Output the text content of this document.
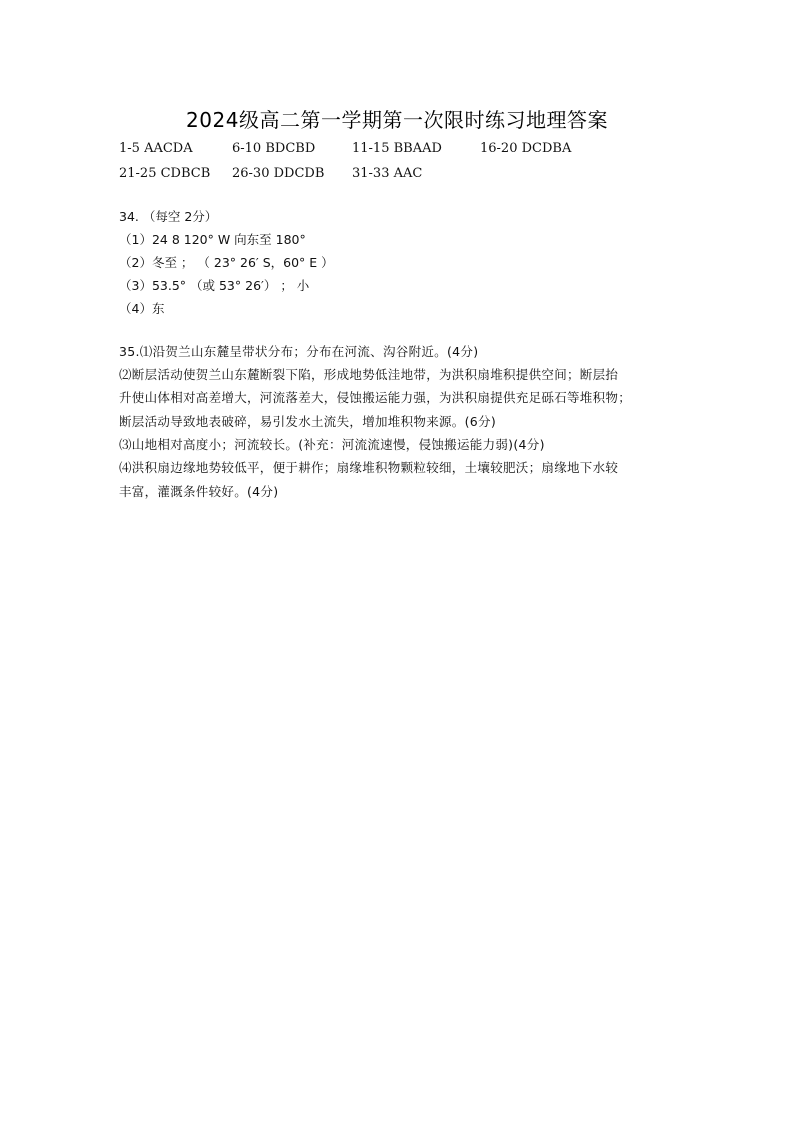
2024级高二第一学期第一次限时练习地理答案
1-5 AACDA	6-10 BDCBD	11-15 BBAAD	16-20 DCDBA
21-25 CDBCB 26-30 DDCDB 31-33 AAC
34. （每空 2分）
（1）24 8 120° W 向东至 180°
（2）冬至 ； （ 23° 26′ S，60° E ）
（3）53.5° （或 53° 26′） ； 小
（4）东
35.⑴沿贺兰山东麓呈带状分布；分布在河流、沟谷附近。(4分)
⑵断层活动使贺兰山东麓断裂下陷，形成地势低洼地带，为洪积扇堆积提供空间；断层抬
升使山体相对高差增大，河流落差大，侵蚀搬运能力强，为洪积扇提供充足砾石等堆积物；
断层活动导致地表破碎，易引发水土流失，增加堆积物来源。(6分)
⑶山地相对高度小；河流较长。(补充：河流流速慢，侵蚀搬运能力弱)(4分)
⑷洪积扇边缘地势较低平，便于耕作；扇缘堆积物颗粒较细，土壤较肥沃；扇缘地下水较
丰富，灌溉条件较好。(4分)
